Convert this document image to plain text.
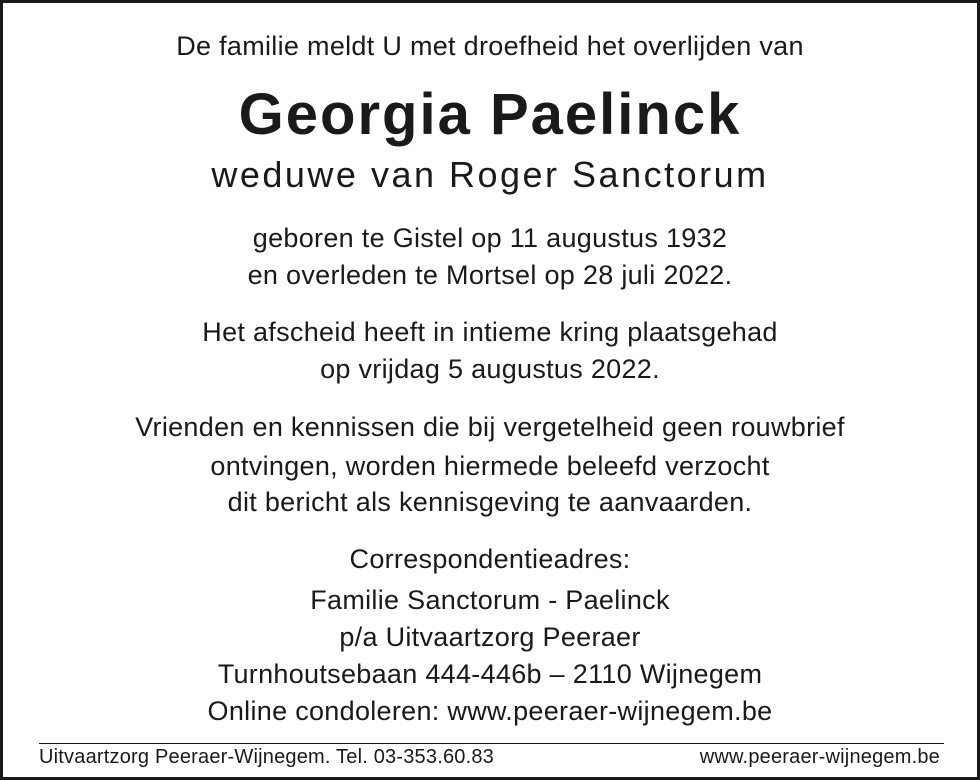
De familie meldt U met droefheid het overlijden van
Georgia Paelinck
weduwe van Roger Sanctorum
geboren te Gistel op 11 augustus 1932
en overleden te Mortsel op 28 juli 2022.
Het afscheid heeft in intieme kring plaatsgehad
op vrijdag 5 augustus 2022.
Vrienden en kennissen die bij vergetelheid geen rouwbrief
ontvingen, worden hiermede beleefd verzocht
dit bericht als kennisgeving te aanvaarden.
Correspondentieadres:
Familie Sanctorum - Paelinck
p/a Uitvaartzorg Peeraer
Turnhoutsebaan 444-446b – 2110 Wijnegem
Online condoleren: www.peeraer-wijnegem.be
Uitvaartzorg Peeraer-Wijnegem. Tel. 03-353.60.83	www.peeraer-wijnegem.be
